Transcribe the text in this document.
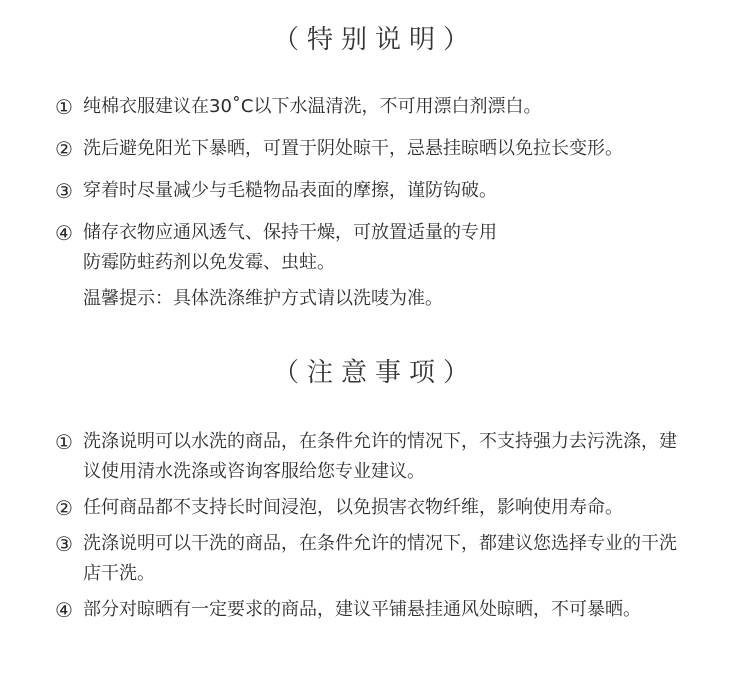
（特别说明）
① 纯棉衣服建议在30˚C以下水温清洗，不可用漂白剂漂白。
② 洗后避免阳光下暴晒，可置于阴处晾干，忌悬挂晾晒以免拉长变形。
③ 穿着时尽量减少与毛糙物品表面的摩擦，谨防钩破。
④ 储存衣物应通风透气、保持干燥，可放置适量的专用防霉防蛀药剂以免发霉、虫蛀。
温馨提示：具体洗涤维护方式请以洗唛为准。
（注意事项）
① 洗涤说明可以水洗的商品，在条件允许的情况下，不支持强力去污洗涤，建议使用清水洗涤或咨询客服给您专业建议。
② 任何商品都不支持长时间浸泡，以免损害衣物纤维，影响使用寿命。
③ 洗涤说明可以干洗的商品，在条件允许的情况下，都建议您选择专业的干洗店干洗。
④ 部分对晾晒有一定要求的商品，建议平铺悬挂通风处晾晒，不可暴晒。
